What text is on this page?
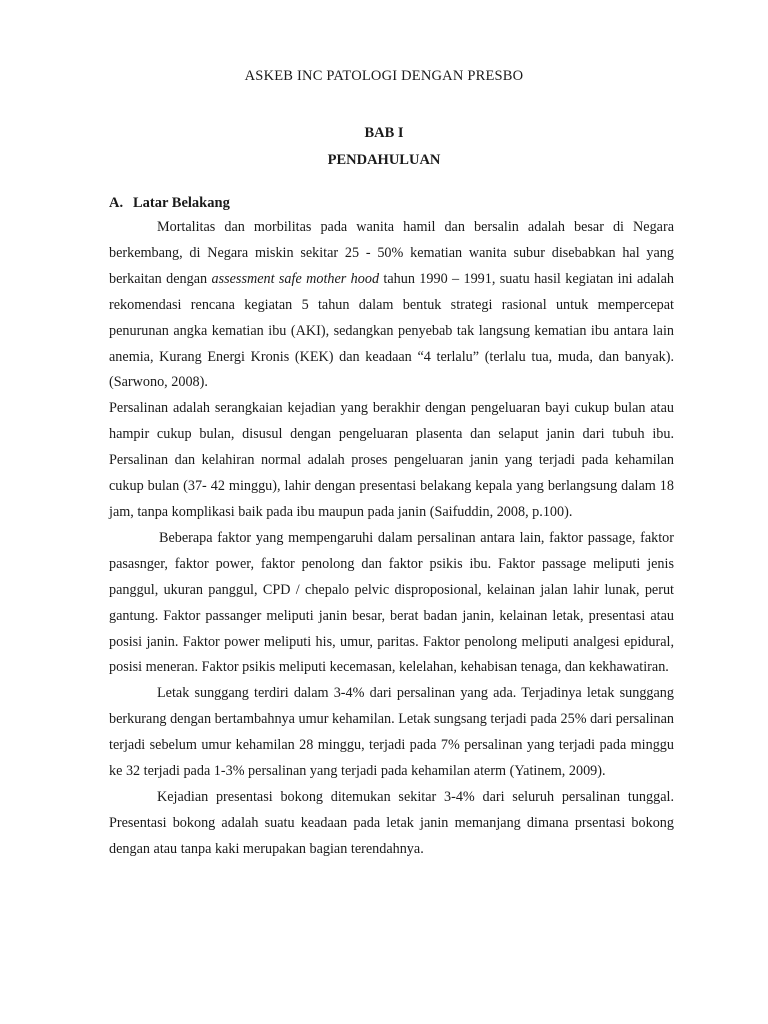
ASKEB INC PATOLOGI DENGAN PRESBO
BAB I
PENDAHULUAN
A. Latar Belakang

Mortalitas dan morbilitas pada wanita hamil dan bersalin adalah besar di Negara berkembang, di Negara miskin sekitar 25 - 50% kematian wanita subur disebabkan hal yang berkaitan dengan assessment safe mother hood tahun 1990 – 1991, suatu hasil kegiatan ini adalah rekomendasi rencana kegiatan 5 tahun dalam bentuk strategi rasional untuk mempercepat penurunan angka kematian ibu (AKI), sedangkan penyebab tak langsung kematian ibu antara lain anemia, Kurang Energi Kronis (KEK) dan keadaan “4 terlalu” (terlalu tua, muda, dan banyak). (Sarwono, 2008).

Persalinan adalah serangkaian kejadian yang berakhir dengan pengeluaran bayi cukup bulan atau hampir cukup bulan, disusul dengan pengeluaran plasenta dan selaput janin dari tubuh ibu. Persalinan dan kelahiran normal adalah proses pengeluaran janin yang terjadi pada kehamilan cukup bulan (37- 42 minggu), lahir dengan presentasi belakang kepala yang berlangsung dalam 18 jam, tanpa komplikasi baik pada ibu maupun pada janin (Saifuddin, 2008, p.100).

Beberapa faktor yang mempengaruhi dalam persalinan antara lain, faktor passage, faktor pasasnger, faktor power, faktor penolong dan faktor psikis ibu. Faktor passage meliputi jenis panggul, ukuran panggul, CPD / chepalo pelvic disproposional, kelainan jalan lahir lunak, perut gantung. Faktor passanger meliputi janin besar, berat badan janin, kelainan letak, presentasi atau posisi janin. Faktor power meliputi his, umur, paritas. Faktor penolong meliputi analgesi epidural, posisi meneran. Faktor psikis meliputi kecemasan, kelelahan, kehabisan tenaga, dan kekhawatiran.

Letak sunggang terdiri dalam 3-4% dari persalinan yang ada. Terjadinya letak sunggang berkurang dengan bertambahnya umur kehamilan. Letak sungsang terjadi pada 25% dari persalinan terjadi sebelum umur kehamilan 28 minggu, terjadi pada 7% persalinan yang terjadi pada minggu ke 32 terjadi pada 1-3% persalinan yang terjadi pada kehamilan aterm (Yatinem, 2009).

Kejadian presentasi bokong ditemukan sekitar 3-4% dari seluruh persalinan tunggal. Presentasi bokong adalah suatu keadaan pada letak janin memanjang dimana prsentasi bokong dengan atau tanpa kaki merupakan bagian terendahnya.
